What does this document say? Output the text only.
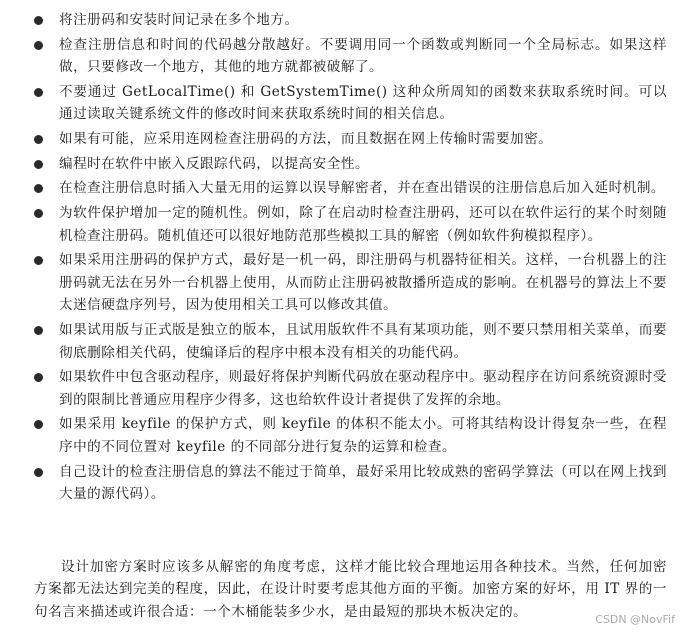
将注册码和安装时间记录在多个地方。
检查注册信息和时间的代码越分散越好。不要调用同一个函数或判断同一个全局标志。如果这样做，只要修改一个地方，其他的地方就都被破解了。
不要通过 GetLocalTime() 和 GetSystemTime() 这种众所周知的函数来获取系统时间。可以通过读取关键系统文件的修改时间来获取系统时间的相关信息。
如果有可能，应采用连网检查注册码的方法，而且数据在网上传输时需要加密。
编程时在软件中嵌入反跟踪代码，以提高安全性。
在检查注册信息时插入大量无用的运算以误导解密者，并在查出错误的注册信息后加入延时机制。
为软件保护增加一定的随机性。例如，除了在启动时检查注册码，还可以在软件运行的某个时刻随机检查注册码。随机值还可以很好地防范那些模拟工具的解密（例如软件狗模拟程序）。
如果采用注册码的保护方式，最好是一机一码，即注册码与机器特征相关。这样，一台机器上的注册码就无法在另外一台机器上使用，从而防止注册码被散播所造成的影响。在机器号的算法上不要太迷信硬盘序列号，因为使用相关工具可以修改其值。
如果试用版与正式版是独立的版本，且试用版软件不具有某项功能，则不要只禁用相关菜单，而要彻底删除相关代码，使编译后的程序中根本没有相关的功能代码。
如果软件中包含驱动程序，则最好将保护判断代码放在驱动程序中。驱动程序在访问系统资源时受到的限制比普通应用程序少得多，这也给软件设计者提供了发挥的余地。
如果采用 keyfile 的保护方式，则 keyfile 的体积不能太小。可将其结构设计得复杂一些，在程序中的不同位置对 keyfile 的不同部分进行复杂的运算和检查。
自己设计的检查注册信息的算法不能过于简单，最好采用比较成熟的密码学算法（可以在网上找到大量的源代码）。

设计加密方案时应该多从解密的角度考虑，这样才能比较合理地运用各种技术。当然，任何加密方案都无法达到完美的程度，因此，在设计时要考虑其他方面的平衡。加密方案的好坏，用 IT 界的一句名言来描述或许很合适：一个木桶能装多少水，是由最短的那块木板决定的。	CSDN @NovFif
